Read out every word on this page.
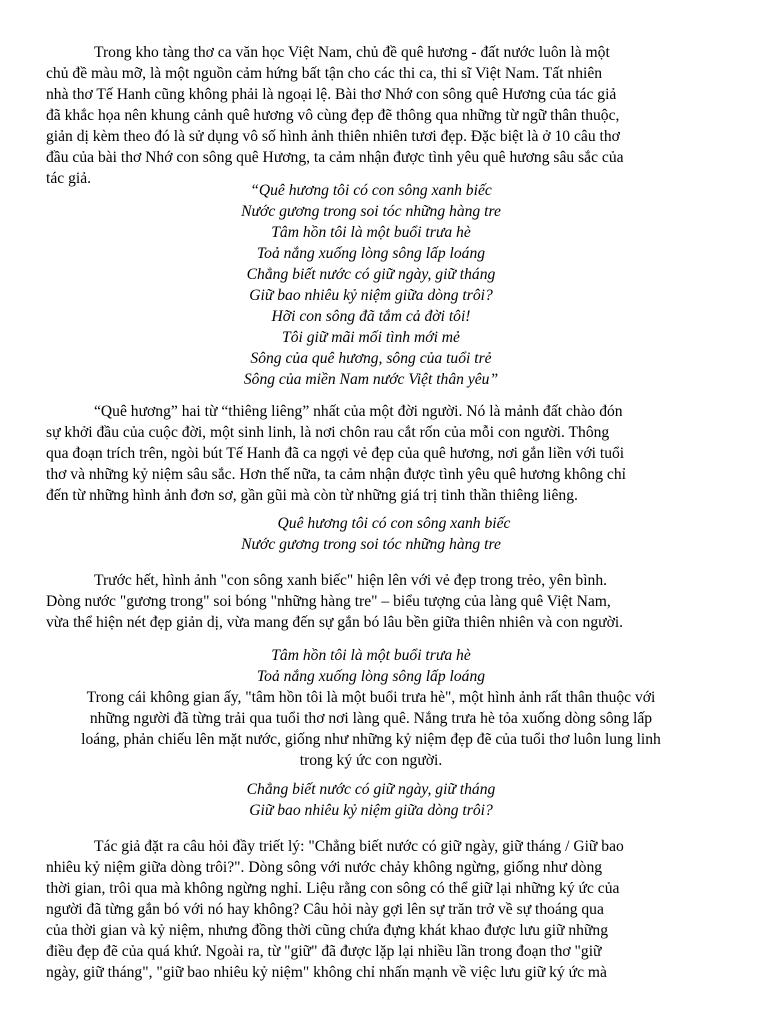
Trong kho tàng thơ ca văn học Việt Nam, chủ đề quê hương - đất nước luôn là một
chủ đề màu mỡ, là một nguồn cảm hứng bất tận cho các thi ca, thi sĩ Việt Nam. Tất nhiên
nhà thơ Tế Hanh cũng không phải là ngoại lệ. Bài thơ Nhớ con sông quê Hương của tác giả
đã khắc họa nên khung cảnh quê hương vô cùng đẹp đẽ thông qua những từ ngữ thân thuộc,
giản dị kèm theo đó là sử dụng vô số hình ảnh thiên nhiên tươi đẹp. Đặc biệt là ở 10 câu thơ
đầu của bài thơ Nhớ con sông quê Hương, ta cảm nhận được tình yêu quê hương sâu sắc của
tác giả.

“Quê hương tôi có con sông xanh biếc
Nước gương trong soi tóc những hàng tre
Tâm hồn tôi là một buổi trưa hè
Toả nắng xuống lòng sông lấp loáng
Chẳng biết nước có giữ ngày, giữ tháng
Giữ bao nhiêu kỷ niệm giữa dòng trôi?
Hỡi con sông đã tắm cả đời tôi!
Tôi giữ mãi mối tình mới mẻ
Sông của quê hương, sông của tuổi trẻ
Sông của miền Nam nước Việt thân yêu”

“Quê hương” hai từ “thiêng liêng” nhất của một đời người. Nó là mảnh đất chào đón
sự khởi đầu của cuộc đời, một sinh linh, là nơi chôn rau cắt rốn của mỗi con người. Thông
qua đoạn trích trên, ngòi bút Tế Hanh đã ca ngợi vẻ đẹp của quê hương, nơi gắn liền với tuổi
thơ và những kỷ niệm sâu sắc. Hơn thế nữa, ta cảm nhận được tình yêu quê hương không chỉ
đến từ những hình ảnh đơn sơ, gần gũi mà còn từ những giá trị tinh thần thiêng liêng.

Quê hương tôi có con sông xanh biếc
Nước gương trong soi tóc những hàng tre

Trước hết, hình ảnh "con sông xanh biếc" hiện lên với vẻ đẹp trong trẻo, yên bình.
Dòng nước "gương trong" soi bóng "những hàng tre" – biểu tượng của làng quê Việt Nam,
vừa thể hiện nét đẹp giản dị, vừa mang đến sự gắn bó lâu bền giữa thiên nhiên và con người.

Tâm hồn tôi là một buổi trưa hè
Toả nắng xuống lòng sông lấp loáng
Trong cái không gian ấy, "tâm hồn tôi là một buổi trưa hè", một hình ảnh rất thân thuộc với
những người đã từng trải qua tuổi thơ nơi làng quê. Nắng trưa hè tỏa xuống dòng sông lấp
loáng, phản chiếu lên mặt nước, giống như những kỷ niệm đẹp đẽ của tuổi thơ luôn lung linh
trong ký ức con người.
Chẳng biết nước có giữ ngày, giữ tháng
Giữ bao nhiêu kỷ niệm giữa dòng trôi?

Tác giả đặt ra câu hỏi đầy triết lý: "Chẳng biết nước có giữ ngày, giữ tháng / Giữ bao
nhiêu kỷ niệm giữa dòng trôi?". Dòng sông với nước chảy không ngừng, giống như dòng
thời gian, trôi qua mà không ngừng nghỉ. Liệu rằng con sông có thể giữ lại những ký ức của
người đã từng gắn bó với nó hay không? Câu hỏi này gợi lên sự trăn trở về sự thoáng qua
của thời gian và kỷ niệm, nhưng đồng thời cũng chứa đựng khát khao được lưu giữ những
điều đẹp đẽ của quá khứ. Ngoài ra, từ "giữ" đã được lặp lại nhiều lần trong đoạn thơ "giữ
ngày, giữ tháng", "giữ bao nhiêu kỷ niệm" không chỉ nhấn mạnh về việc lưu giữ ký ức mà
